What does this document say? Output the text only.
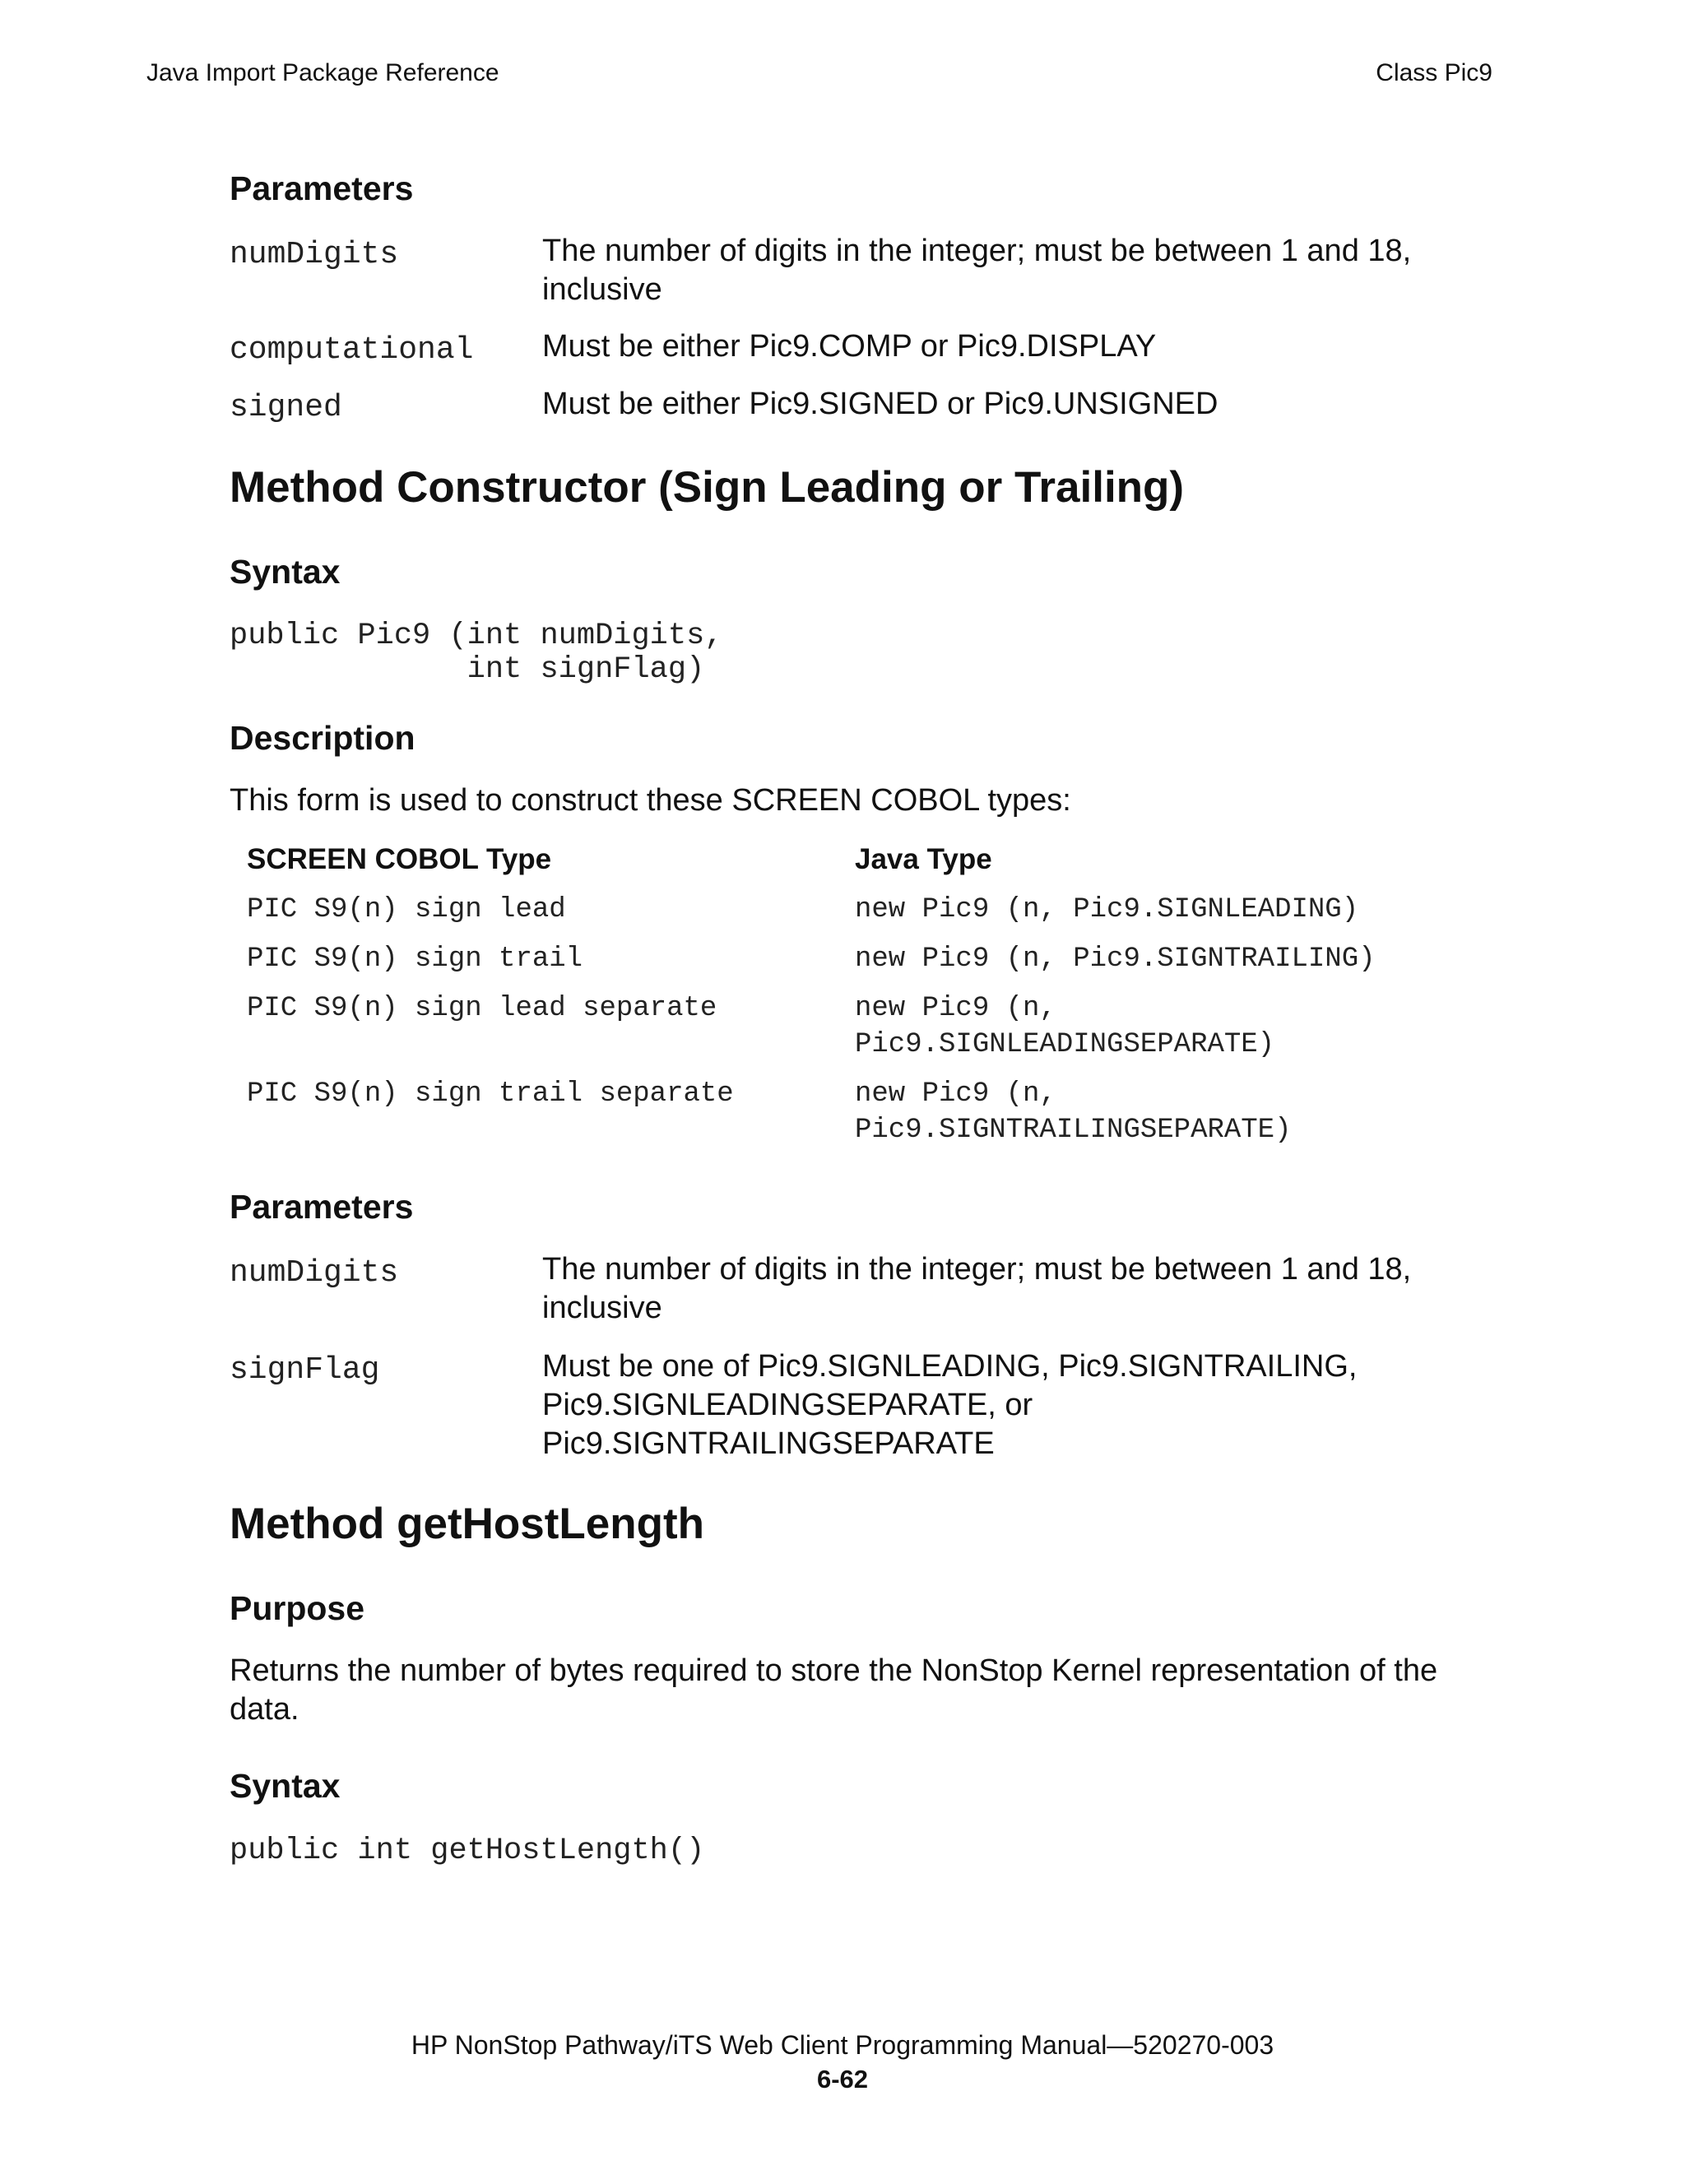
Java Import Package Reference	Class Pic9
Parameters
numDigits	The number of digits in the integer; must be between 1 and 18, inclusive
computational Must be either Pic9.COMP or Pic9.DISPLAY
signed	Must be either Pic9.SIGNED or Pic9.UNSIGNED
Method Constructor (Sign Leading or Trailing)
Syntax
public Pic9 (int numDigits,
int signFlag)
Description
This form is used to construct these SCREEN COBOL types:
SCREEN COBOL Type	Java Type
PIC S9(n) sign lead	new Pic9 (n, Pic9.SIGNLEADING)
PIC S9(n) sign trail	new Pic9 (n, Pic9.SIGNTRAILING)
PIC S9(n) sign lead separate	new Pic9 (n,
Pic9.SIGNLEADINGSEPARATE)
PIC S9(n) sign trail separate	new Pic9 (n,
Pic9.SIGNTRAILINGSEPARATE)
Parameters
numDigits	The number of digits in the integer; must be between 1 and 18, inclusive
signFlag	Must be one of Pic9.SIGNLEADING, Pic9.SIGNTRAILING, Pic9.SIGNLEADINGSEPARATE, or Pic9.SIGNTRAILINGSEPARATE
Method getHostLength
Purpose
Returns the number of bytes required to store the NonStop Kernel representation of the data.
Syntax
public int getHostLength()
HP NonStop Pathway/iTS Web Client Programming Manual—520270-003
6-62
